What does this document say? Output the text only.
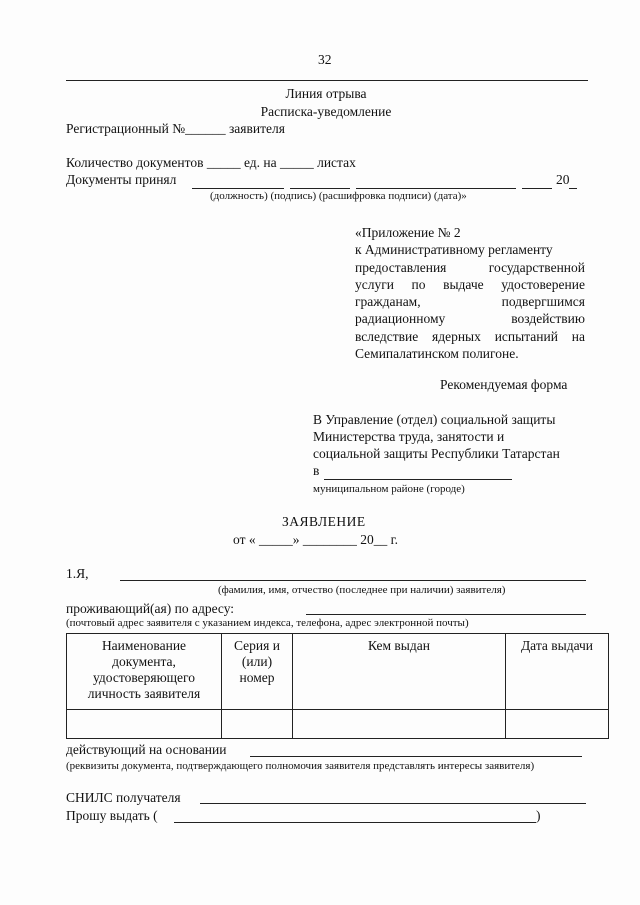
32
Линия отрыва
Расписка-уведомление
Регистрационный №______ заявителя
Количество документов _____ ед. на _____ листах
Документы принял	20
(должность) (подпись) (расшифровка подписи) (дата)»
«Приложение № 2
к Административному регламенту
предоставления государственной
услуги по выдаче удостоверение
гражданам, подвергшимся
радиационному воздействию
вследствие ядерных испытаний на
Семипалатинском полигоне.
Рекомендуемая форма
В Управление (отдел) социальной защиты
Министерства труда, занятости и
социальной защиты Республики Татарстан
в
муниципальном районе (городе)
ЗАЯВЛЕНИЕ
от « _____» ________ 20__ г.
1.Я,
(фамилия, имя, отчество (последнее при наличии) заявителя)
проживающий(ая) по адресу:
(почтовый адрес заявителя с указанием индекса, телефона, адрес электронной почты)
Наименование документа, удостоверяющего личность заявителя	Серия и (или) номер	Кем выдан	Дата выдачи

действующий на основании
(реквизиты документа, подтверждающего полномочия заявителя представлять интересы заявителя)
СНИЛС получателя
Прошу выдать (	)
